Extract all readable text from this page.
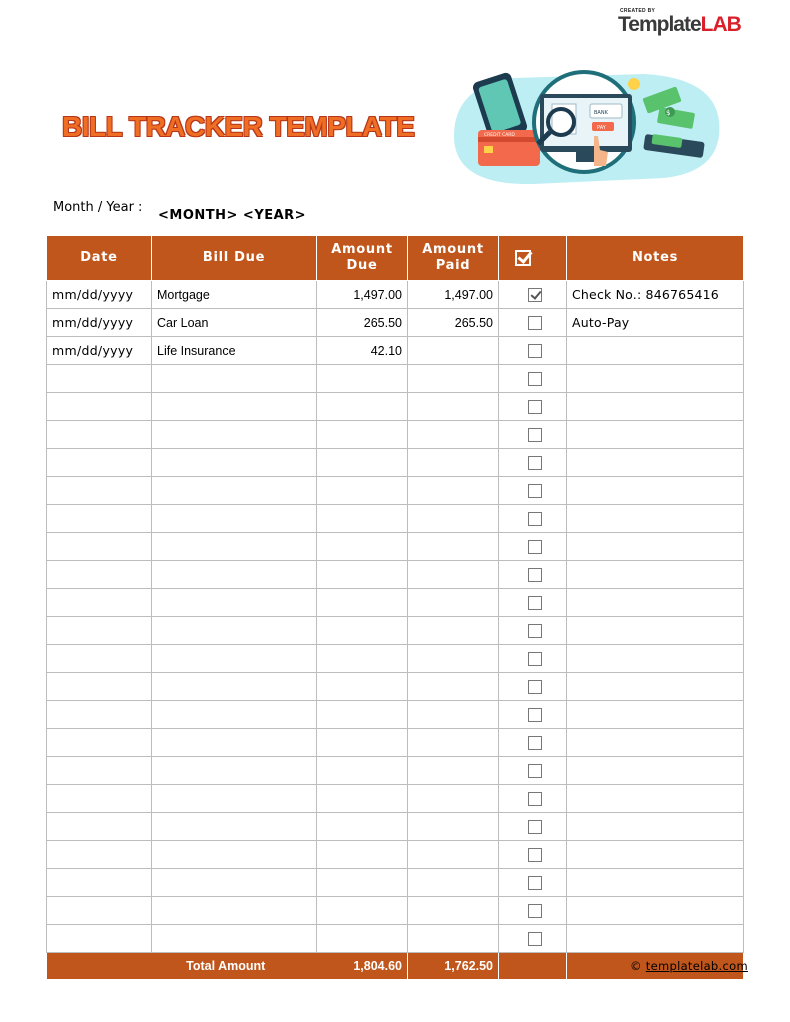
CREATED BY
TemplateLAB
BILL TRACKER TEMPLATE	CREDIT CARD
BANK
PAY
$
Month / Year :
<MONTH> <YEAR>
Date	Bill Due	Amount Due	Amount Paid		Notes
mm/dd/yyyy	Mortgage	1,497.00	1,497.00		Check No.: 846765416
mm/dd/yyyy	Car Loan	265.50	265.50		Auto-Pay
mm/dd/yyyy	Life Insurance	42.10			

Total Amount 1,804.60			1,762.50			© templatelab.com
